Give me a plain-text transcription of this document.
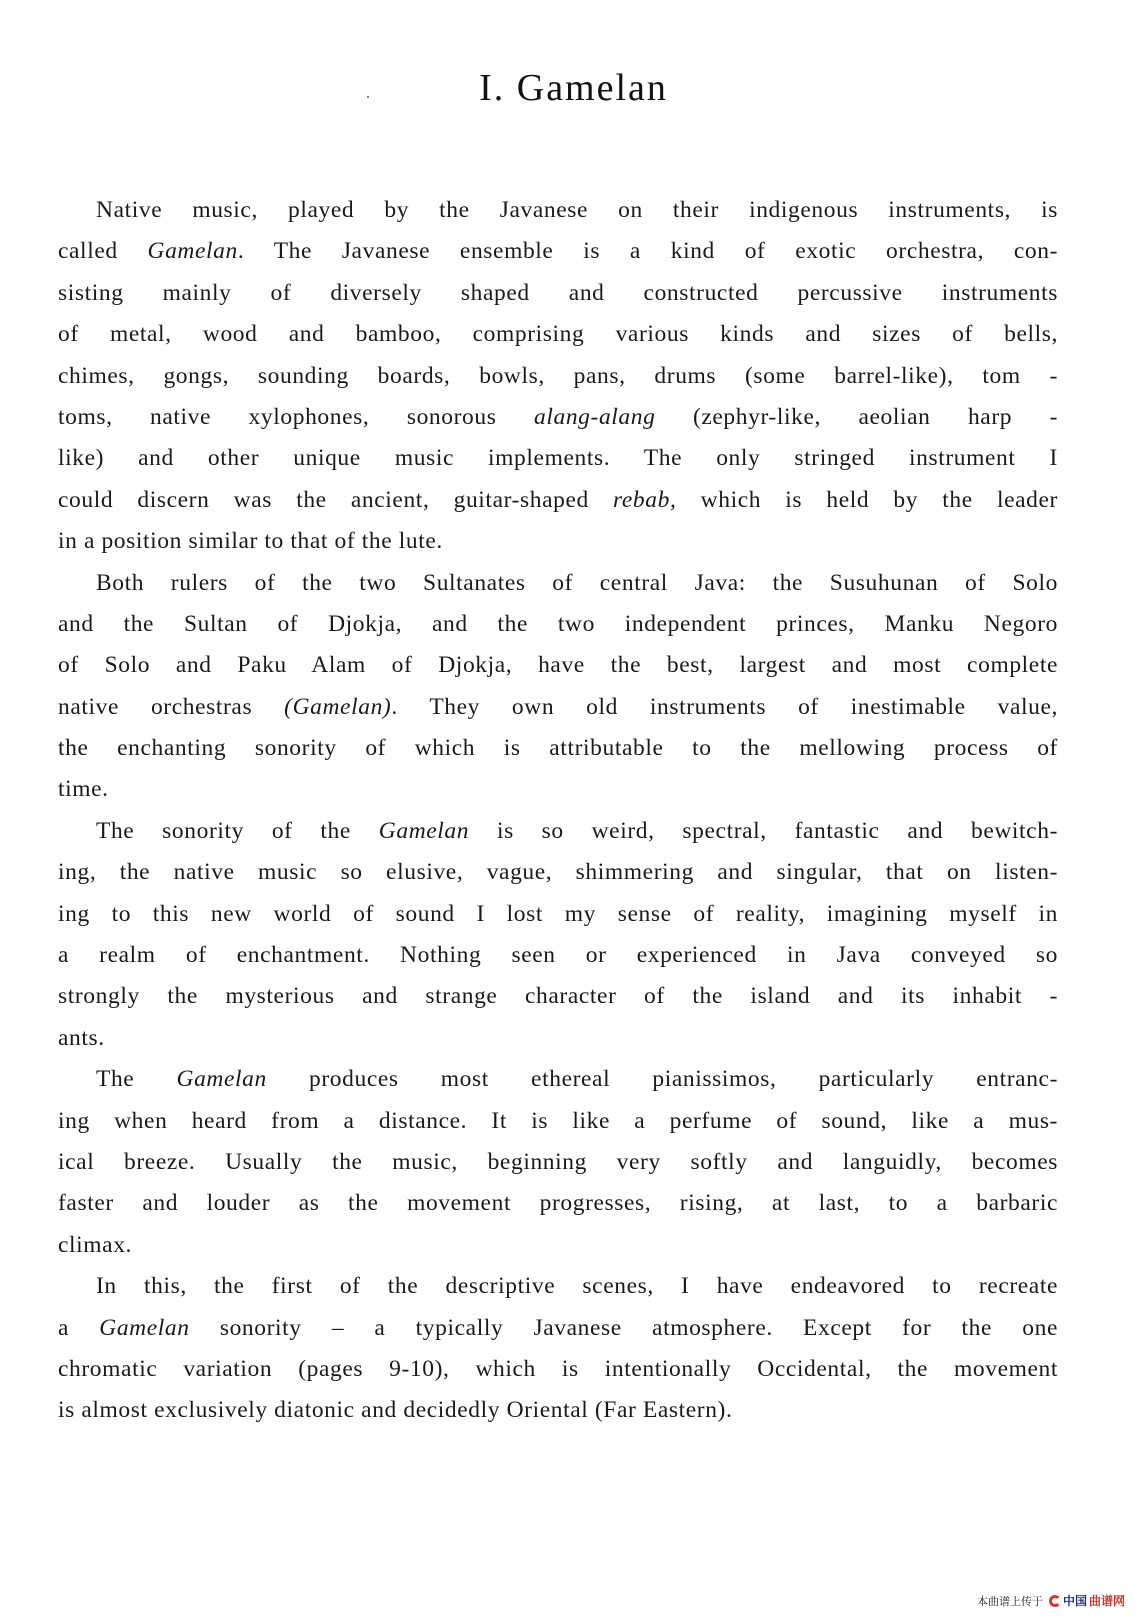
I. Gamelan
Native music, played by the Javanese on their indigenous instruments, is
called Gamelan. The Javanese ensemble is a kind of exotic orchestra, con-
sisting mainly of diversely shaped and constructed percussive instruments
of metal, wood and bamboo, comprising various kinds and sizes of bells,
chimes, gongs, sounding boards, bowls, pans, drums (some barrel-like), tom -
toms, native xylophones, sonorous alang-alang (zephyr-like, aeolian harp -
like) and other unique music implements. The only stringed instrument I
could discern was the ancient, guitar-shaped rebab, which is held by the leader
in a position similar to that of the lute.
Both rulers of the two Sultanates of central Java: the Susuhunan of Solo
and the Sultan of Djokja, and the two independent princes, Manku Negoro
of Solo and Paku Alam of Djokja, have the best, largest and most complete
native orchestras (Gamelan). They own old instruments of inestimable value,
the enchanting sonority of which is attributable to the mellowing process of
time.
The sonority of the Gamelan is so weird, spectral, fantastic and bewitch-
ing, the native music so elusive, vague, shimmering and singular, that on listen-
ing to this new world of sound I lost my sense of reality, imagining myself in
a realm of enchantment. Nothing seen or experienced in Java conveyed so
strongly the mysterious and strange character of the island and its inhabit -
ants.
The Gamelan produces most ethereal pianissimos, particularly entranc-
ing when heard from a distance. It is like a perfume of sound, like a mus-
ical breeze. Usually the music, beginning very softly and languidly, becomes
faster and louder as the movement progresses, rising, at last, to a barbaric
climax.
In this, the first of the descriptive scenes, I have endeavored to recreate
a Gamelan sonority – a typically Javanese atmosphere. Except for the one
chromatic variation (pages 9-10), which is intentionally Occidental, the movement
is almost exclusively diatonic and decidedly Oriental (Far Eastern).
本曲谱上传于 中国 曲谱网
